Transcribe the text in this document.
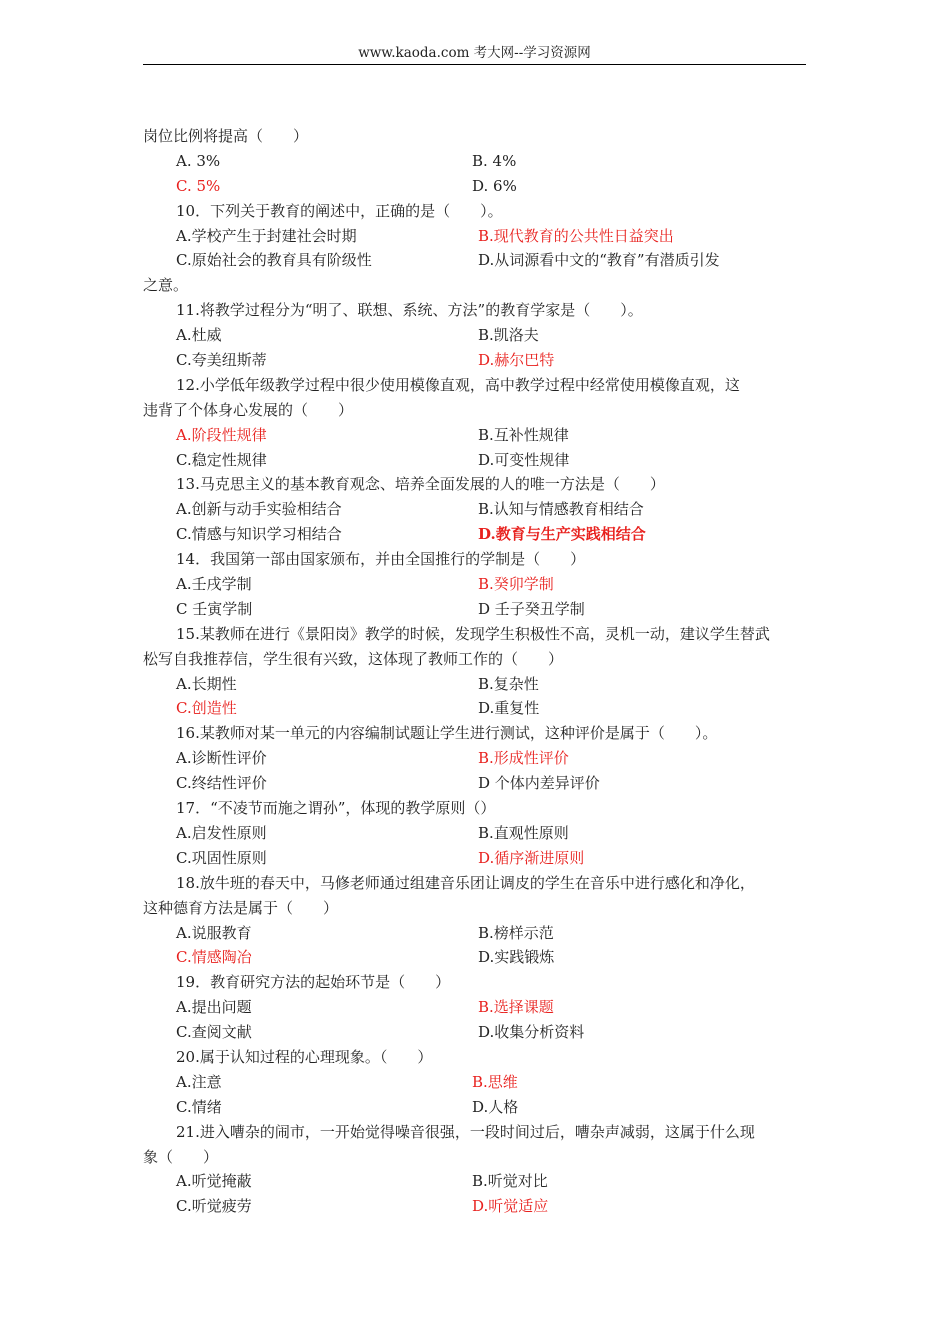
www.kaoda.com 考大网--学习资源网
岗位比例将提高（　　）
A. 3%	B. 4%
C. 5%	D. 6%
10．下列关于教育的阐述中，正确的是（　　）。
A.学校产生于封建社会时期	B.现代教育的公共性日益突出
C.原始社会的教育具有阶级性	D.从词源看中文的“教育”有潜质引发
之意。
11.将教学过程分为“明了、联想、系统、方法”的教育学家是（　　）。
A.杜威	B.凯洛夫
C.夸美纽斯蒂	D.赫尔巴特
12.小学低年级教学过程中很少使用模像直观，高中教学过程中经常使用模像直观，这
违背了个体身心发展的（　　）
A.阶段性规律	B.互补性规律
C.稳定性规律	D.可变性规律
13.马克思主义的基本教育观念、培养全面发展的人的唯一方法是（　　）
A.创新与动手实验相结合	B.认知与情感教育相结合
C.情感与知识学习相结合	D.教育与生产实践相结合
14．我国第一部由国家颁布，并由全国推行的学制是（　　）
A.壬戌学制	B.癸卯学制
C 壬寅学制	D 壬子癸丑学制
15.某教师在进行《景阳岗》教学的时候，发现学生积极性不高，灵机一动，建议学生替武
松写自我推荐信，学生很有兴致，这体现了教师工作的（　　）
A.长期性	B.复杂性
C.创造性	D.重复性
16.某教师对某一单元的内容编制试题让学生进行测试，这种评价是属于（　　）。
A.诊断性评价	B.形成性评价
C.终结性评价	D 个体内差异评价
17．“不凌节而施之谓孙”，体现的教学原则（）
A.启发性原则	B.直观性原则
C.巩固性原则	D.循序渐进原则
18.放牛班的春天中，马修老师通过组建音乐团让调皮的学生在音乐中进行感化和净化，
这种德育方法是属于（　　）
A.说服教育	B.榜样示范
C.情感陶冶	D.实践锻炼
19．教育研究方法的起始环节是（　　）
A.提出问题	B.选择课题
C.查阅文献	D.收集分析资料
20.属于认知过程的心理现象。（　　）
A.注意	B.思维
C.情绪	D.人格
21.进入嘈杂的闹市，一开始觉得噪音很强，一段时间过后，嘈杂声减弱，这属于什么现
象（　　）
A.听觉掩蔽	B.听觉对比
C.听觉疲劳	D.听觉适应
